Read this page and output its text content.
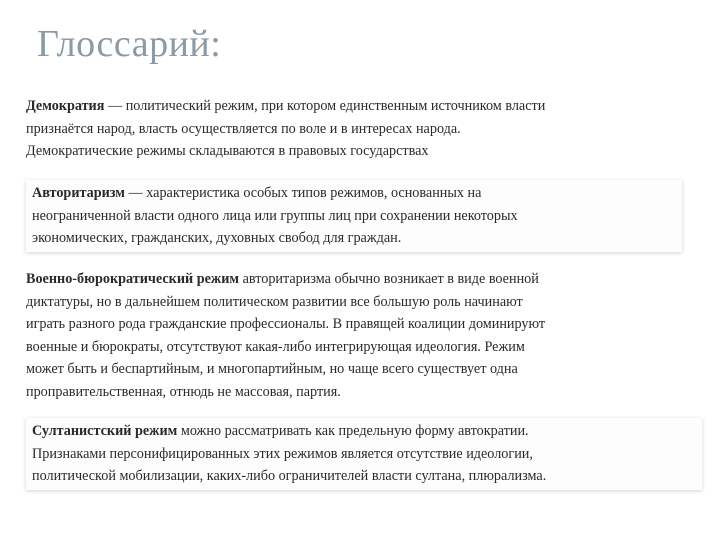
Глоссарий:
Демократия — политический режим, при котором единственным источником власти
признаётся народ, власть осуществляется по воле и в интересах народа.
Демократические режимы складываются в правовых государствах
Авторитаризм — характеристика особых типов режимов, основанных на
неограниченной власти одного лица или группы лиц при сохранении некоторых
экономических, гражданских, духовных свобод для граждан.
Военно-бюрократический режим авторитаризма обычно возникает в виде военной
диктатуры, но в дальнейшем политическом развитии все большую роль начинают
играть разного рода гражданские профессионалы. В правящей коалиции доминируют
военные и бюрократы, отсутствуют какая-либо интегрирующая идеология. Режим
может быть и беспартийным, и многопартийным, но чаще всего существует одна
проправительственная, отнюдь не массовая, партия.
Султанистский режим можно рассматривать как предельную форму автократии.
Признаками персонифицированных этих режимов является отсутствие идеологии,
политической мобилизации, каких-либо ограничителей власти султана, плюрализма.
